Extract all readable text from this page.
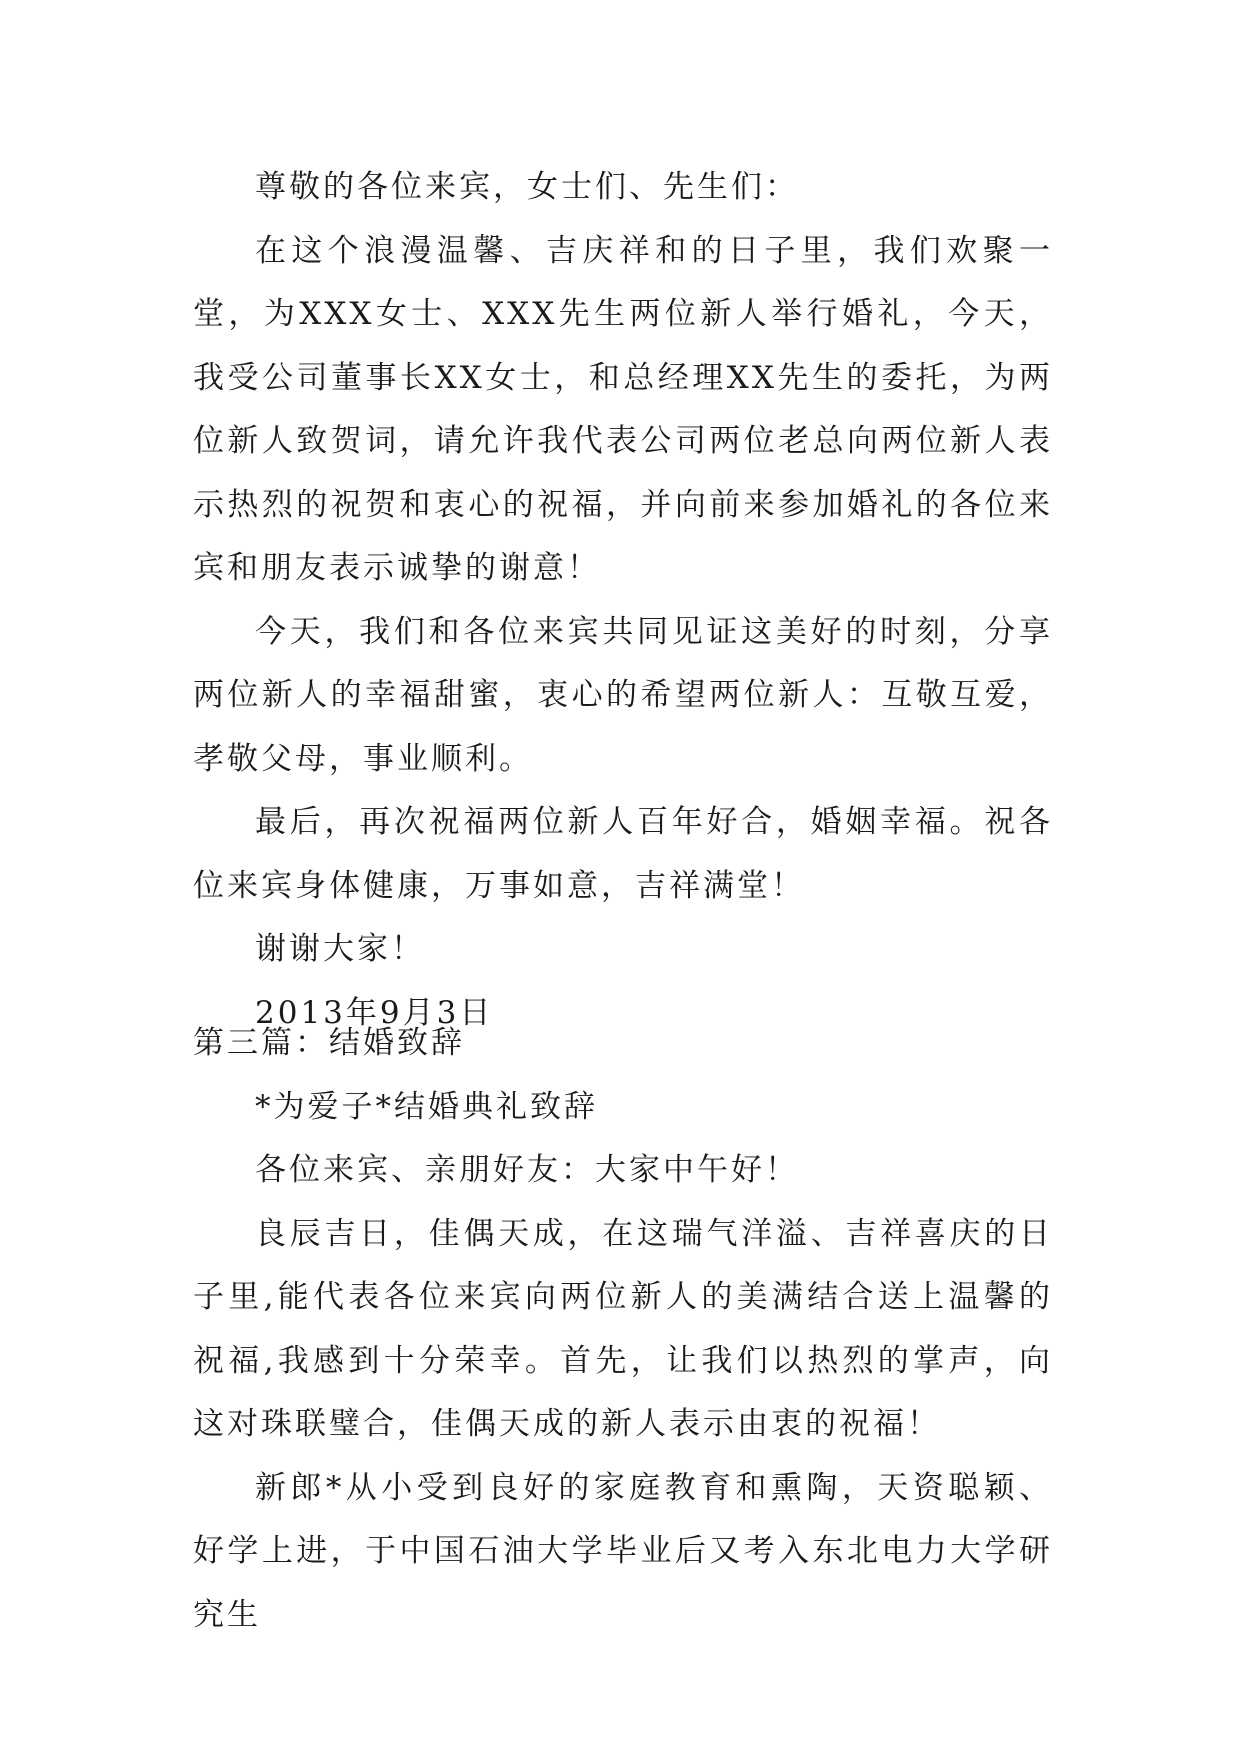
尊敬的各位来宾，女士们、先生们：

在这个浪漫温馨、吉庆祥和的日子里，我们欢聚一堂，为XXX女士、XXX先生两位新人举行婚礼，今天，我受公司董事长XX女士，和总经理XX先生的委托，为两位新人致贺词，请允许我代表公司两位老总向两位新人表示热烈的祝贺和衷心的祝福，并向前来参加婚礼的各位来宾和朋友表示诚挚的谢意！

今天，我们和各位来宾共同见证这美好的时刻，分享两位新人的幸福甜蜜，衷心的希望两位新人：互敬互爱，孝敬父母，事业顺利。

最后，再次祝福两位新人百年好合，婚姻幸福。祝各位来宾身体健康，万事如意，吉祥满堂！

谢谢大家！

2013年9月3日

第三篇：结婚致辞

*为爱子*结婚典礼致辞

各位来宾、亲朋好友：大家中午好！

良辰吉日，佳偶天成，在这瑞气洋溢、吉祥喜庆的日子里,能代表各位来宾向两位新人的美满结合送上温馨的祝福,我感到十分荣幸。首先，让我们以热烈的掌声，向这对珠联璧合，佳偶天成的新人表示由衷的祝福！

新郎*从小受到良好的家庭教育和熏陶，天资聪颖、好学上进，于中国石油大学毕业后又考入东北电力大学研究生
